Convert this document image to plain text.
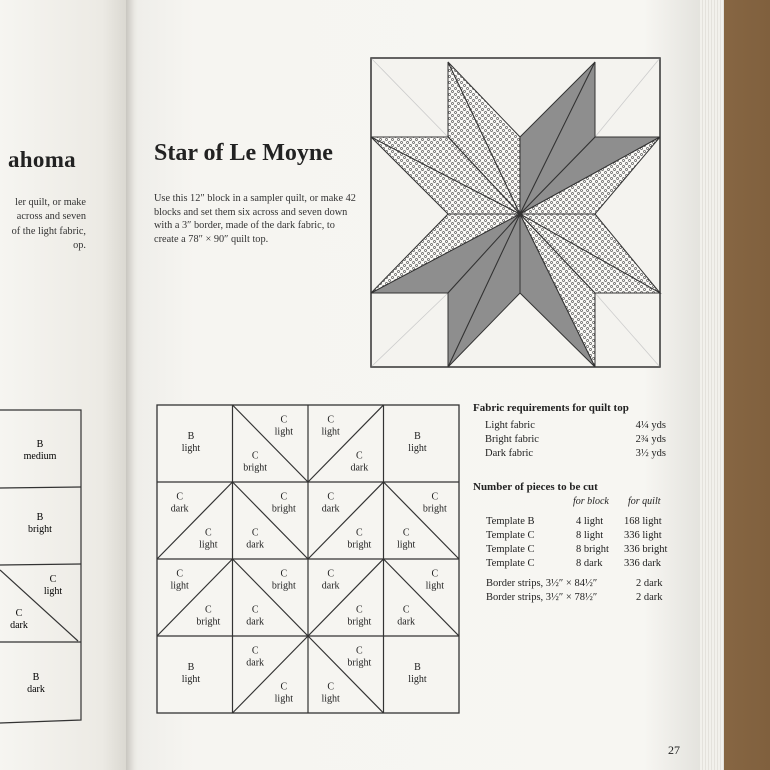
ahoma
ler quilt, or make
across and seven
of the light fabric,
op.
B
medium
B
bright
C
light
C
dark
B
dark
Star of Le Moyne
Use this 12″ block in a sampler quilt, or make 42 blocks and set them six across and seven down with a 3″ border, made of the dark fabric, to create a 78″ × 90″ quilt top.
B
light
C
light
C
bright
C
light
C
dark
B
light
C
dark
C
light
C
bright
C
dark
C
dark
C
bright
C
bright
C
light
C
light
C
bright
C
bright
C
dark
C
dark
C
bright
C
light
C
dark
B
light
C
dark
C
light
C
bright
C
light
B
light
Fabric requirements for quilt top
Light fabric	4¼ yds
Bright fabric	2¾ yds
Dark fabric	3½ yds
Number of pieces to be cut
for block for quilt
Template B	4 light 168 light
Template C	8 light 336 light
Template C	8 bright 336 bright
Template C	8 dark 336 dark
Border strips, 3½″ × 84½″	2 dark
Border strips, 3½″ × 78½″	2 dark
27
